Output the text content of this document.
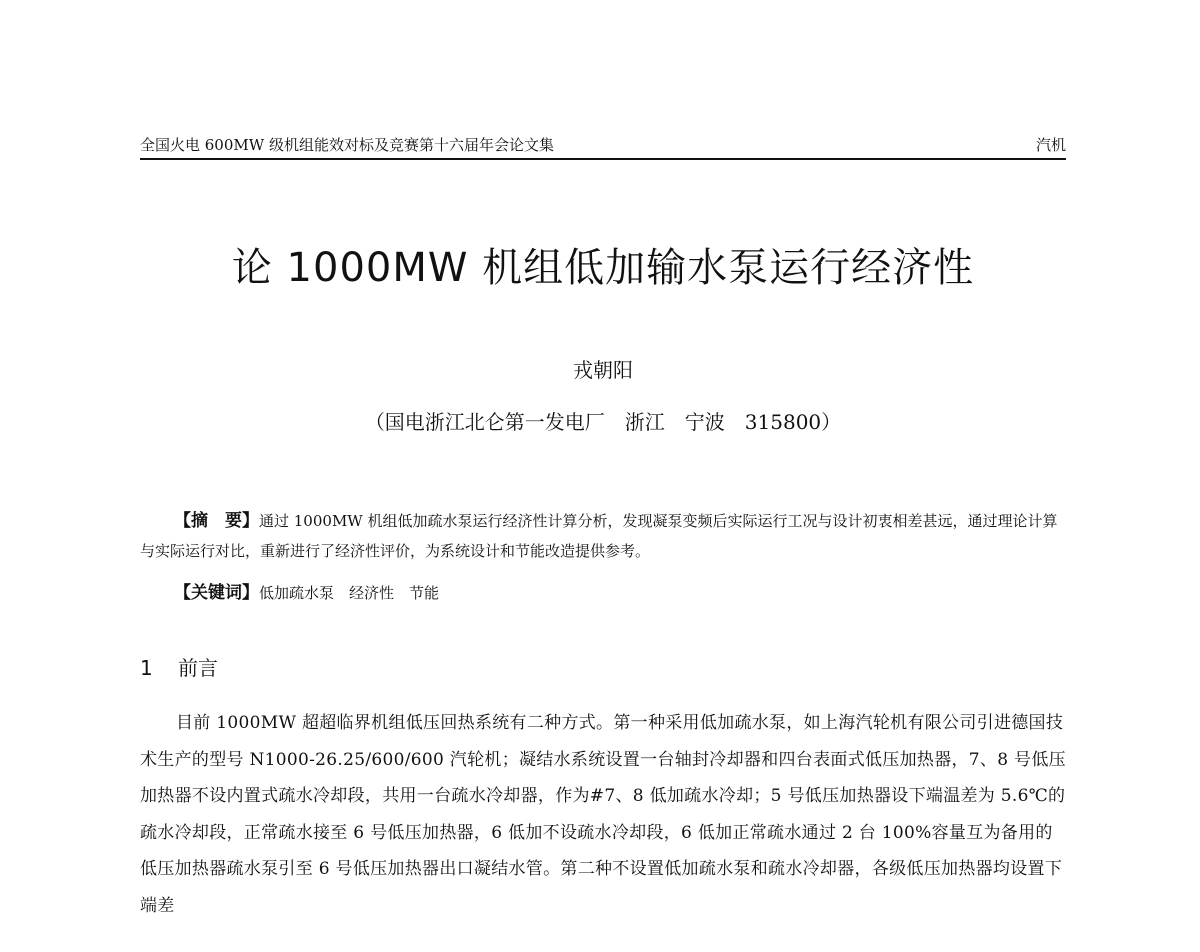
全国火电 600MW 级机组能效对标及竞赛第十六届年会论文集	汽机
论 1000MW 机组低加输水泵运行经济性
戎朝阳
（国电浙江北仑第一发电厂　浙江　宁波　315800）

【摘　要】通过 1000MW 机组低加疏水泵运行经济性计算分析，发现凝泵变频后实际运行工况与设计初衷相差甚远，通过理论计算与实际运行对比，重新进行了经济性评价，为系统设计和节能改造提供参考。

【关键词】低加疏水泵　经济性　节能
1 前言

目前 1000MW 超超临界机组低压回热系统有二种方式。第一种采用低加疏水泵，如上海汽轮机有限公司引进德国技术生产的型号 N1000-26.25/600/600 汽轮机；凝结水系统设置一台轴封冷却器和四台表面式低压加热器，7、8 号低压加热器不设内置式疏水冷却段，共用一台疏水冷却器，作为#7、8 低加疏水冷却；5 号低压加热器设下端温差为 5.6℃的疏水冷却段，正常疏水接至 6 号低压加热器，6 低加不设疏水冷却段，6 低加正常疏水通过 2 台 100%容量互为备用的低压加热器疏水泵引至 6 号低压加热器出口凝结水管。第二种不设置低加疏水泵和疏水冷却器，各级低压加热器均设置下端差
